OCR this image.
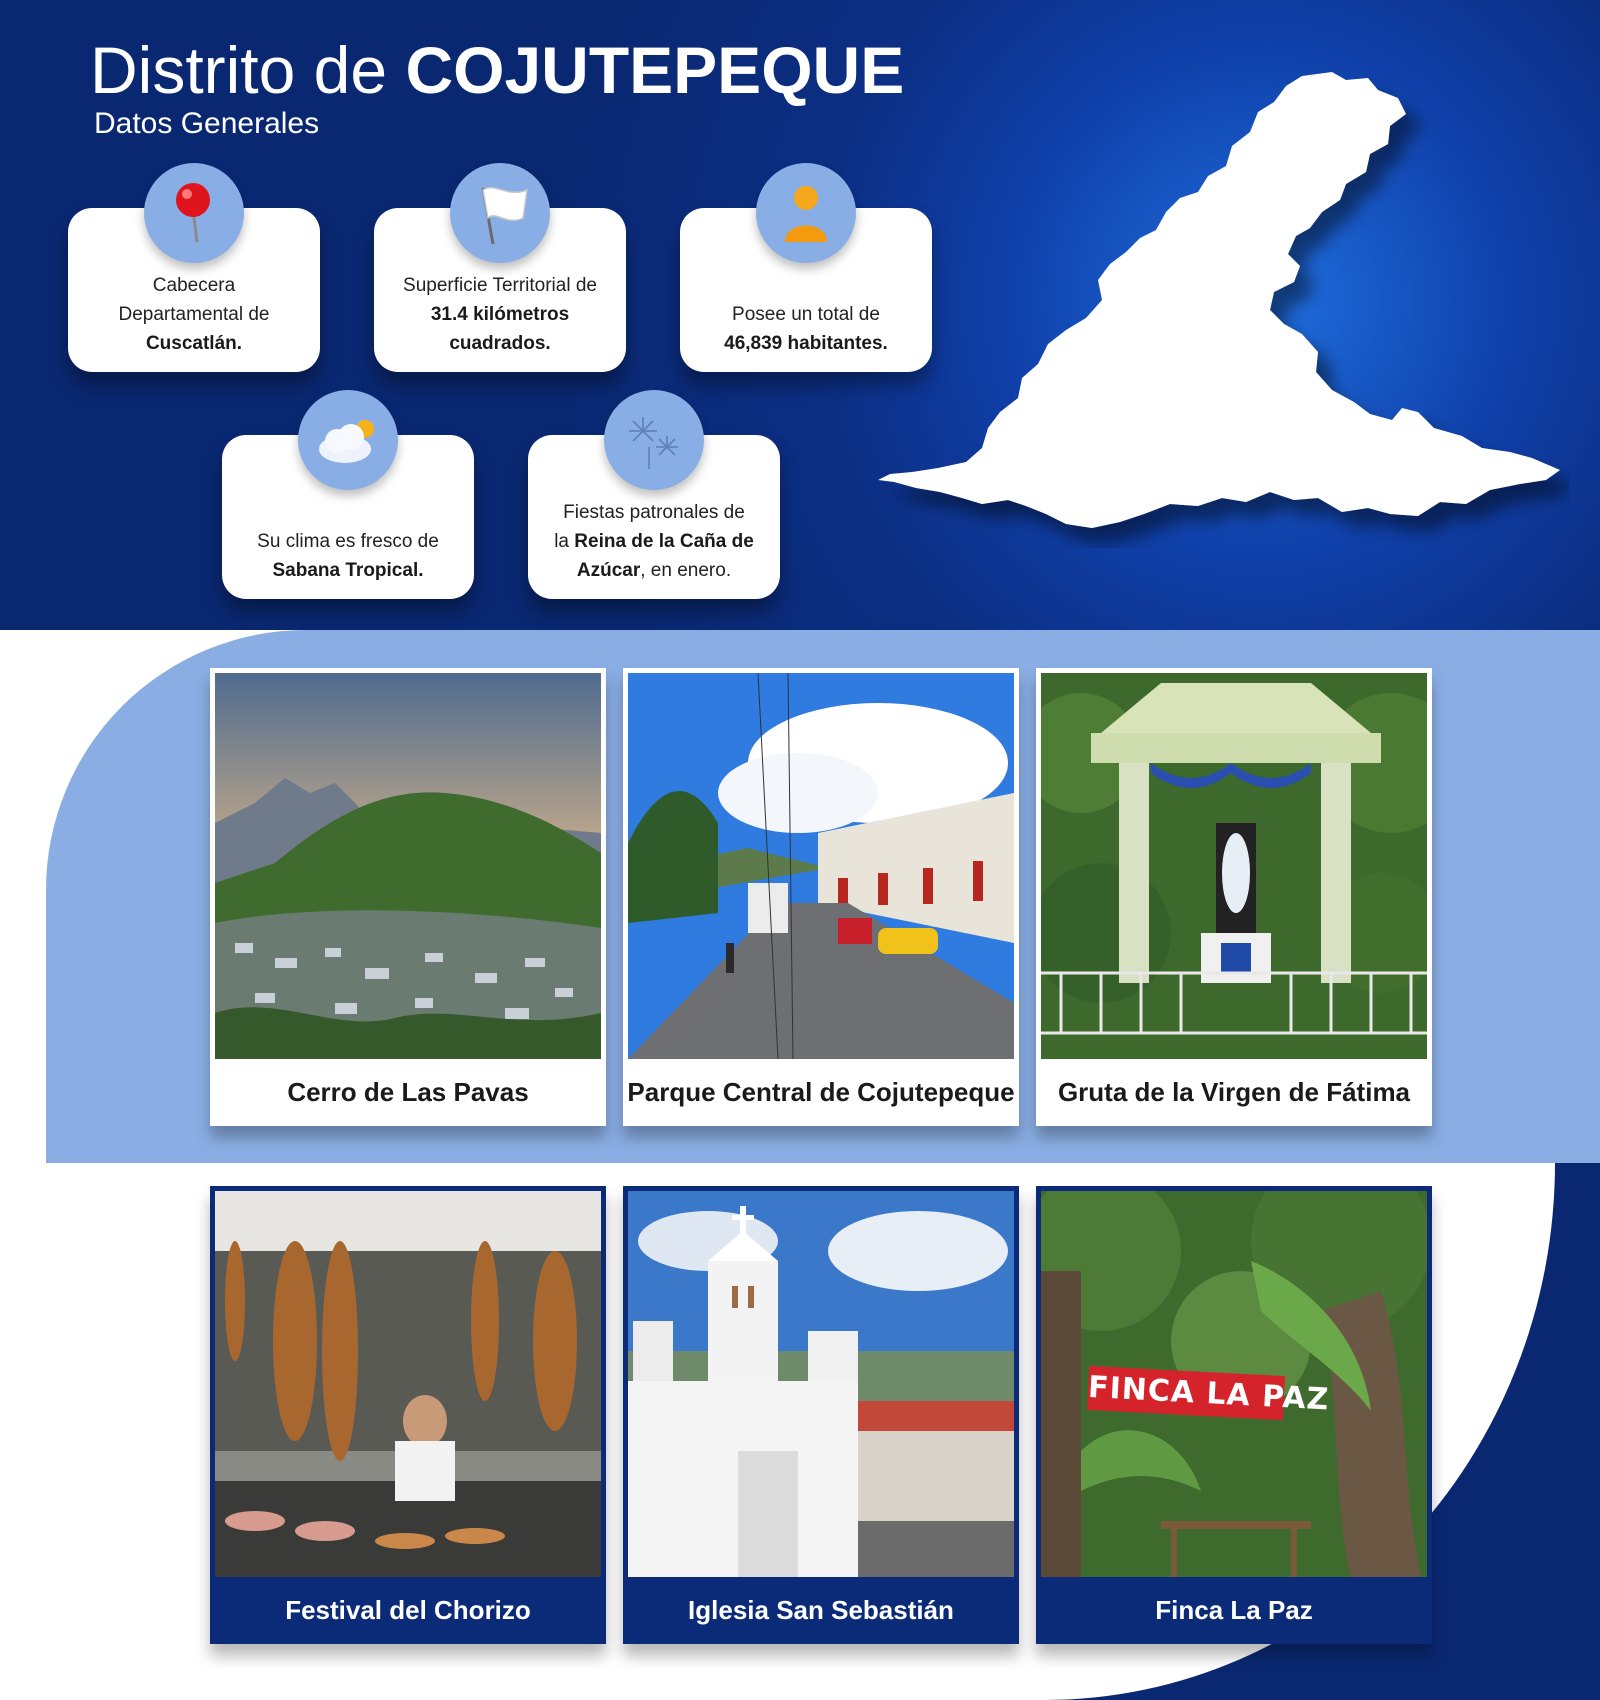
Distrito de COJUTEPEQUE
Datos Generales
Cabecera
Departamental de
Cuscatlán.
Superficie Territorial de
31.4 kilómetros
cuadrados.
Posee un total de
46,839 habitantes.
Su clima es fresco de
Sabana Tropical.
Fiestas patronales de
la Reina de la Caña de
Azúcar, en enero.
Cerro de Las Pavas	Parque Central de Cojutepeque	Gruta de la Virgen de Fátima
Festival del Chorizo	Iglesia San Sebastián
FINCA LA PAZ
Finca La Paz
